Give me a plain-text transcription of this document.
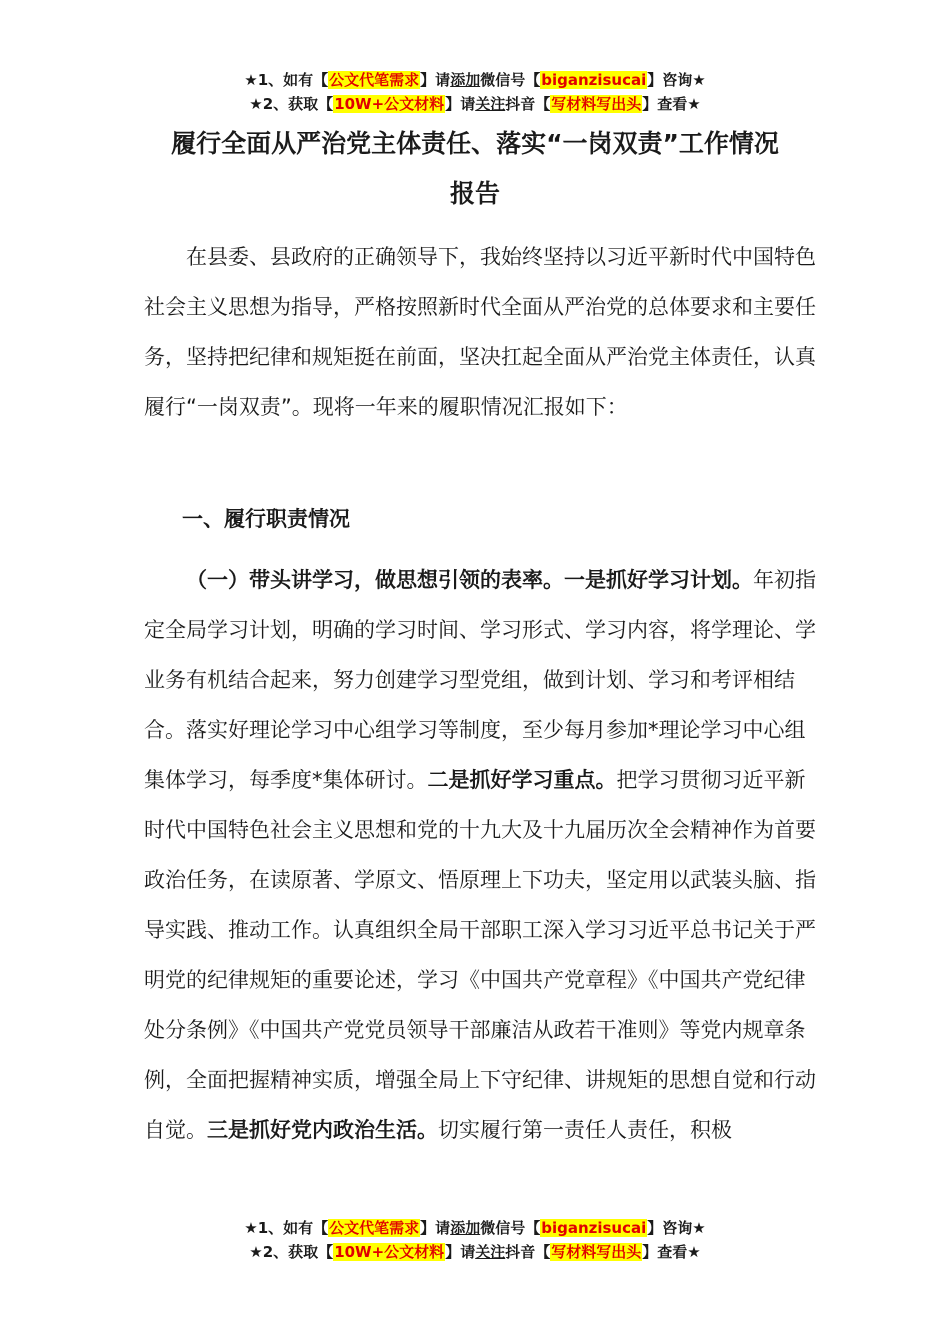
★1、如有【公文代笔需求】请添加微信号【biganzisucai】咨询★
★2、获取【10W+公文材料】请关注抖音【写材料写出头】查看★
履行全面从严治党主体责任、落实“一岗双责”工作情况
报告
在县委、县政府的正确领导下，我始终坚持以习近平新时代中国特色社会主义思想为指导，严格按照新时代全面从严治党的总体要求和主要任务，坚持把纪律和规矩挺在前面，坚决扛起全面从严治党主体责任，认真履行“一岗双责”。现将一年来的履职情况汇报如下：
一、履行职责情况
（一）带头讲学习，做思想引领的表率。一是抓好学习计划。年初指定全局学习计划，明确的学习时间、学习形式、学习内容，将学理论、学业务有机结合起来，努力创建学习型党组，做到计划、学习和考评相结合。落实好理论学习中心组学习等制度，至少每月参加*理论学习中心组集体学习，每季度*集体研讨。二是抓好学习重点。把学习贯彻习近平新时代中国特色社会主义思想和党的十九大及十九届历次全会精神作为首要政治任务，在读原著、学原文、悟原理上下功夫，坚定用以武装头脑、指导实践、推动工作。认真组织全局干部职工深入学习习近平总书记关于严明党的纪律规矩的重要论述，学习《中国共产党章程》《中国共产党纪律处分条例》《中国共产党党员领导干部廉洁从政若干准则》等党内规章条例，全面把握精神实质，增强全局上下守纪律、讲规矩的思想自觉和行动自觉。三是抓好党内政治生活。切实履行第一责任人责任，积极
★1、如有【公文代笔需求】请添加微信号【biganzisucai】咨询★
★2、获取【10W+公文材料】请关注抖音【写材料写出头】查看★
